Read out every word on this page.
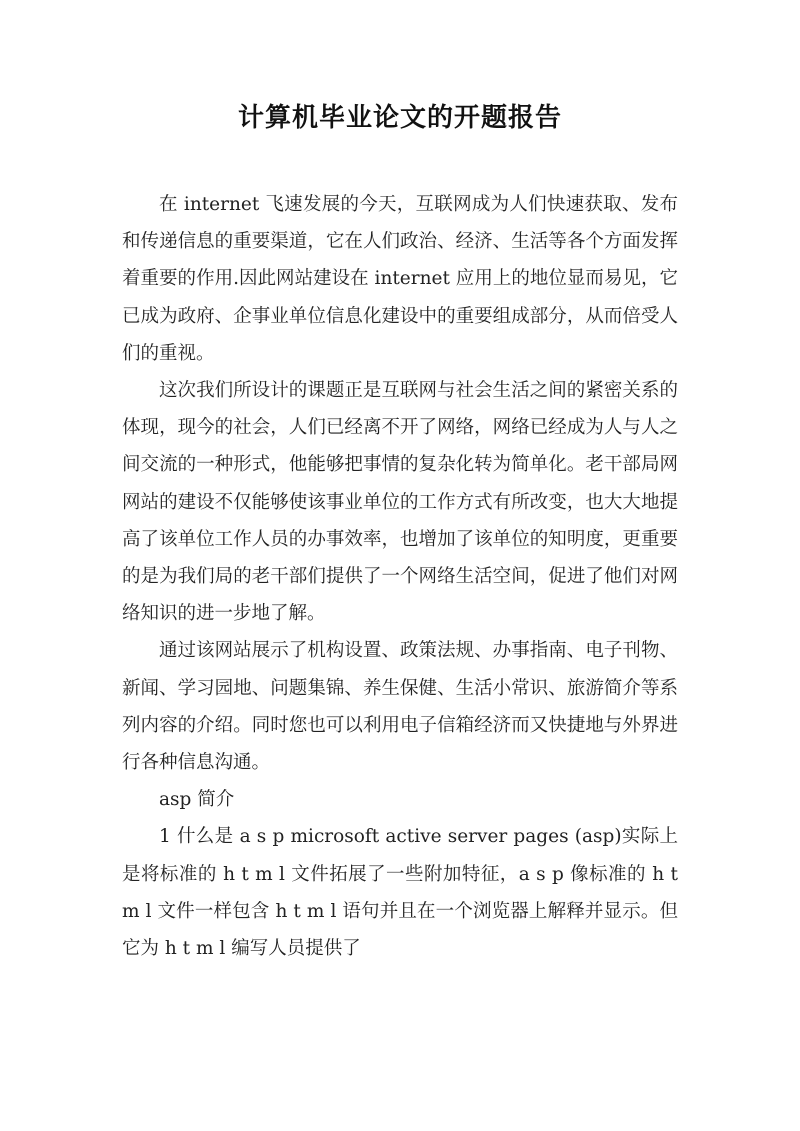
计算机毕业论文的开题报告

在 internet 飞速发展的今天，互联网成为人们快速获取、发布和传递信息的重要渠道，它在人们政治、经济、生活等各个方面发挥着重要的作用.因此网站建设在 internet 应用上的地位显而易见，它已成为政府、企事业单位信息化建设中的重要组成部分，从而倍受人们的重视。

这次我们所设计的课题正是互联网与社会生活之间的紧密关系的体现，现今的社会，人们已经离不开了网络，网络已经成为人与人之间交流的一种形式，他能够把事情的复杂化转为简单化。老干部局网网站的建设不仅能够使该事业单位的工作方式有所改变，也大大地提高了该单位工作人员的办事效率，也增加了该单位的知明度，更重要的是为我们局的老干部们提供了一个网络生活空间，促进了他们对网络知识的进一步地了解。

通过该网站展示了机构设置、政策法规、办事指南、电子刊物、新闻、学习园地、问题集锦、养生保健、生活小常识、旅游简介等系列内容的介绍。同时您也可以利用电子信箱经济而又快捷地与外界进行各种信息沟通。

asp 简介

1 什么是 a s p microsoft active server pages (asp)实际上是将标准的 h t m l 文件拓展了一些附加特征，a s p 像标准的 h t m l 文件一样包含 h t m l 语句并且在一个浏览器上解释并显示。但它为 h t m l 编写人员提供了
